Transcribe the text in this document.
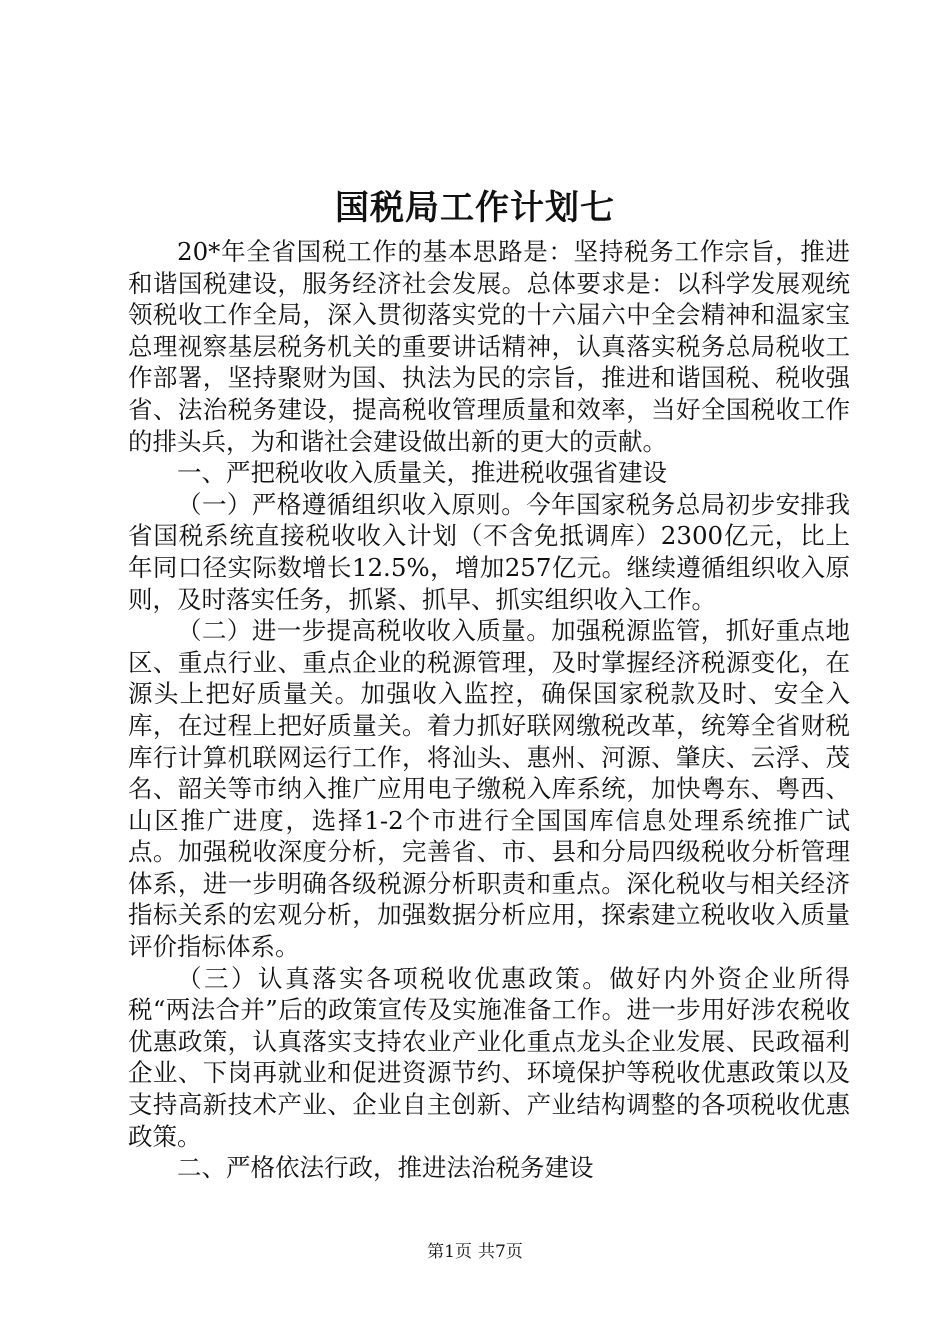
国税局工作计划七

20*年全省国税工作的基本思路是：坚持税务工作宗旨，推进和谐国税建设，服务经济社会发展。总体要求是：以科学发展观统领税收工作全局，深入贯彻落实党的十六届六中全会精神和温家宝总理视察基层税务机关的重要讲话精神，认真落实税务总局税收工作部署，坚持聚财为国、执法为民的宗旨，推进和谐国税、税收强省、法治税务建设，提高税收管理质量和效率，当好全国税收工作的排头兵，为和谐社会建设做出新的更大的贡献。

一、严把税收收入质量关，推进税收强省建设

（一）严格遵循组织收入原则。今年国家税务总局初步安排我省国税系统直接税收收入计划（不含免抵调库）2300亿元，比上年同口径实际数增长12.5%，增加257亿元。继续遵循组织收入原则，及时落实任务，抓紧、抓早、抓实组织收入工作。

（二）进一步提高税收收入质量。加强税源监管，抓好重点地区、重点行业、重点企业的税源管理，及时掌握经济税源变化，在源头上把好质量关。加强收入监控，确保国家税款及时、安全入库，在过程上把好质量关。着力抓好联网缴税改革，统筹全省财税库行计算机联网运行工作，将汕头、惠州、河源、肇庆、云浮、茂名、韶关等市纳入推广应用电子缴税入库系统，加快粤东、粤西、山区推广进度，选择1-2个市进行全国国库信息处理系统推广试点。加强税收深度分析，完善省、市、县和分局四级税收分析管理体系，进一步明确各级税源分析职责和重点。深化税收与相关经济指标关系的宏观分析，加强数据分析应用，探索建立税收收入质量评价指标体系。

（三）认真落实各项税收优惠政策。做好内外资企业所得税“两法合并”后的政策宣传及实施准备工作。进一步用好涉农税收优惠政策，认真落实支持农业产业化重点龙头企业发展、民政福利企业、下岗再就业和促进资源节约、环境保护等税收优惠政策以及支持高新技术产业、企业自主创新、产业结构调整的各项税收优惠政策。

二、严格依法行政，推进法治税务建设

第1页 共7页
